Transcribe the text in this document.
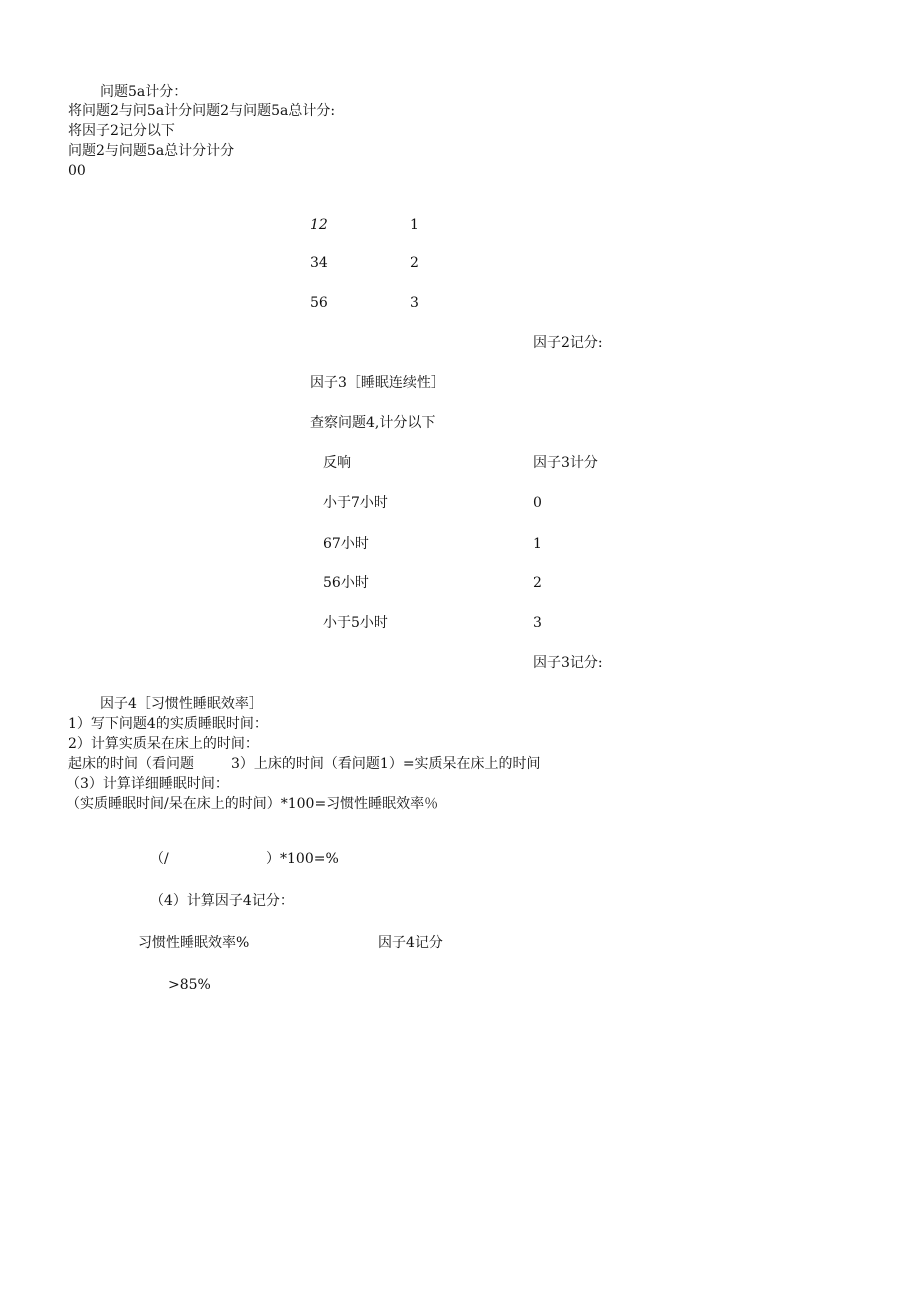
问题5a计分：
将问题2与问5a计分问题2与问题5a总计分:
将因子2记分以下
问题2与问题5a总计分计分
00
12	1
34	2
56	3
因子2记分:
因子3［睡眠连续性］
查察问题4,计分以下
反响	因子3计分
小于7小时	0
67小时	1
56小时	2
小于5小时	3
因子3记分:
因子4［习惯性睡眠效率］
1）写下问题4的实质睡眠时间：
2）计算实质呆在床上的时间：
起床的时间（看问题	3）上床的时间（看问题1）=实质呆在床上的时间
（3）计算详细睡眠时间：
（实质睡眠时间/呆在床上的时间）*100=习惯性睡眠效率％
（/	）*100=%
（4）计算因子4记分：
习惯性睡眠效率%	因子4记分
>85%
